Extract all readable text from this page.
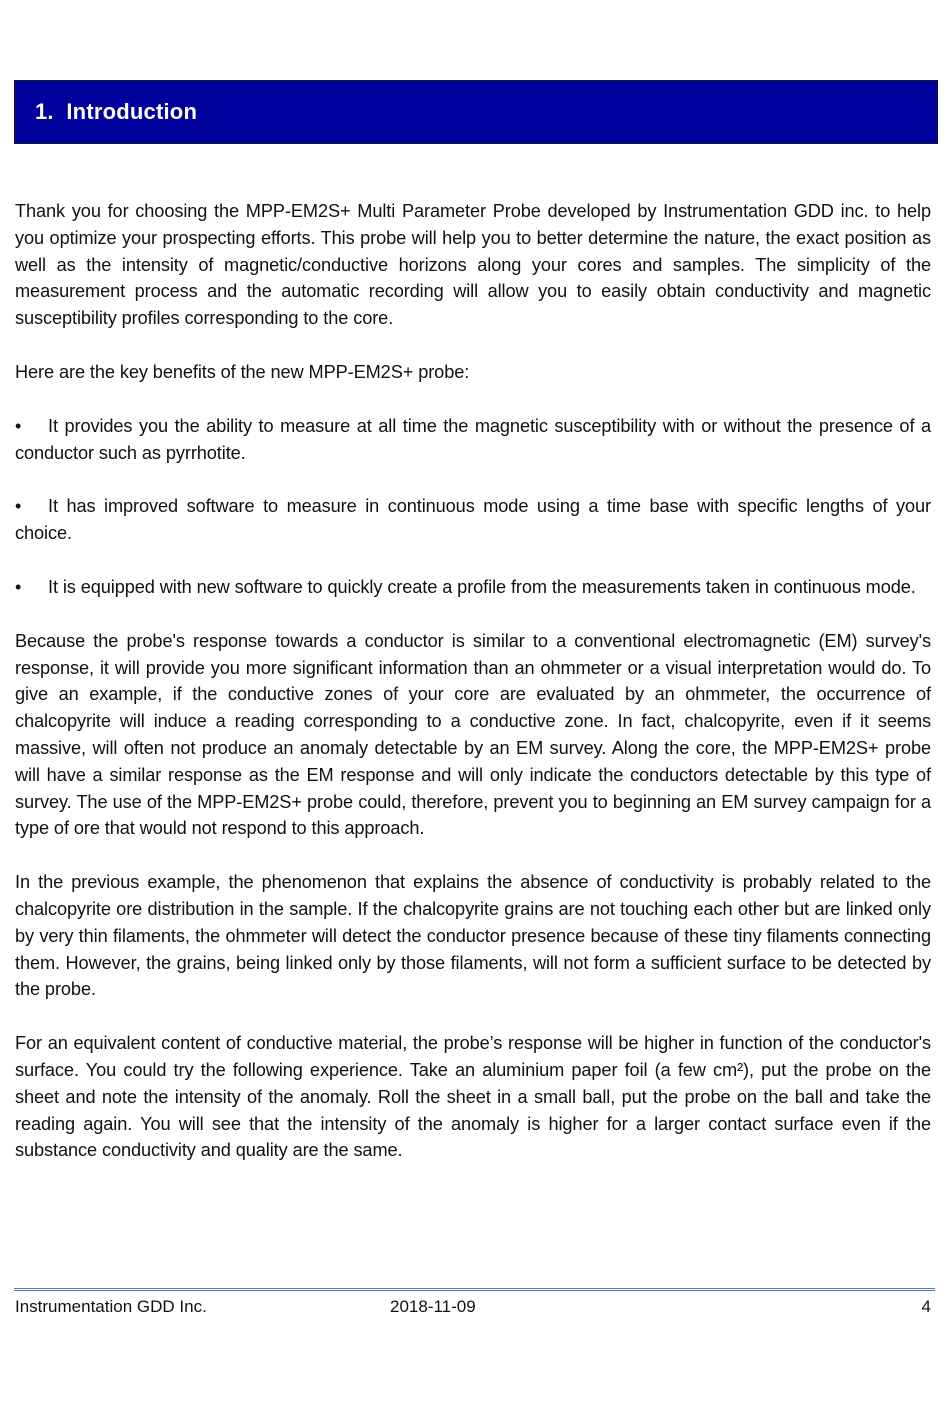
1. Introduction

Thank you for choosing the MPP-EM2S+ Multi Parameter Probe developed by Instrumentation GDD inc. to help you optimize your prospecting efforts. This probe will help you to better determine the nature, the exact position as well as the intensity of magnetic/conductive horizons along your cores and samples. The simplicity of the measurement process and the automatic recording will allow you to easily obtain conductivity and magnetic susceptibility profiles corresponding to the core.

Here are the key benefits of the new MPP-EM2S+ probe:

• It provides you the ability to measure at all time the magnetic susceptibility with or without the presence of a conductor such as pyrrhotite.

• It has improved software to measure in continuous mode using a time base with specific lengths of your choice.

• It is equipped with new software to quickly create a profile from the measurements taken in continuous mode.

Because the probe's response towards a conductor is similar to a conventional electromagnetic (EM) survey's response, it will provide you more significant information than an ohmmeter or a visual interpretation would do. To give an example, if the conductive zones of your core are evaluated by an ohmmeter, the occurrence of chalcopyrite will induce a reading corresponding to a conductive zone. In fact, chalcopyrite, even if it seems massive, will often not produce an anomaly detectable by an EM survey. Along the core, the MPP-EM2S+ probe will have a similar response as the EM response and will only indicate the conductors detectable by this type of survey. The use of the MPP-EM2S+ probe could, therefore, prevent you to beginning an EM survey campaign for a type of ore that would not respond to this approach.

In the previous example, the phenomenon that explains the absence of conductivity is probably related to the chalcopyrite ore distribution in the sample. If the chalcopyrite grains are not touching each other but are linked only by very thin filaments, the ohmmeter will detect the conductor presence because of these tiny filaments connecting them. However, the grains, being linked only by those filaments, will not form a sufficient surface to be detected by the probe.

For an equivalent content of conductive material, the probe’s response will be higher in function of the conductor's surface. You could try the following experience. Take an aluminium paper foil (a few cm²), put the probe on the sheet and note the intensity of the anomaly. Roll the sheet in a small ball, put the probe on the ball and take the reading again. You will see that the intensity of the anomaly is higher for a larger contact surface even if the substance conductivity and quality are the same.

Instrumentation GDD Inc.	2018-11-09	4
